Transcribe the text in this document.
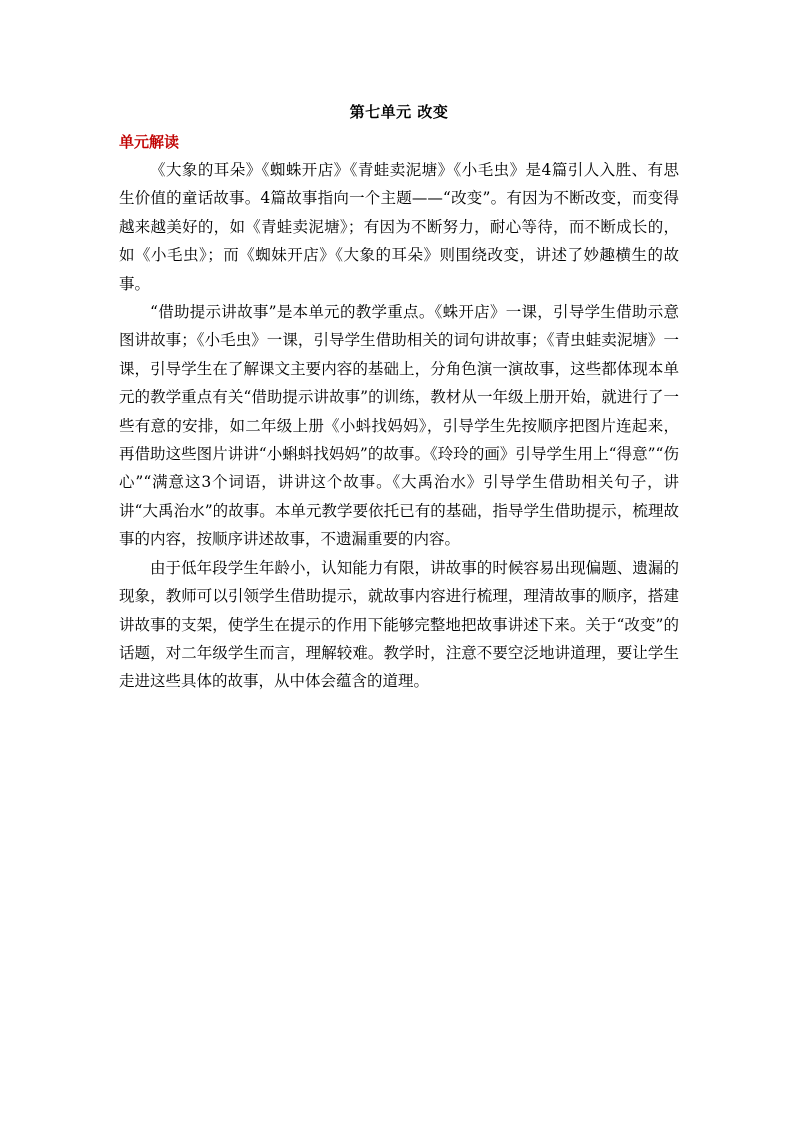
第七单元 改变
单元解读

《大象的耳朵》《蜘蛛开店》《青蛙卖泥塘》《小毛虫》是4篇引人入胜、有思生价值的童话故事。4篇故事指向一个主题——“改变”。有因为不断改变，而变得越来越美好的，如《青蛙卖泥塘》；有因为不断努力，耐心等待，而不断成长的，如《小毛虫》；而《蜘妹开店》《大象的耳朵》则围绕改变，讲述了妙趣横生的故事。

“借助提示讲故事”是本单元的教学重点。《蛛开店》一课，引导学生借助示意图讲故事；《小毛虫》一课，引导学生借助相关的词句讲故事；《青虫蛙卖泥塘》一课，引导学生在了解课文主要内容的基础上，分角色演一演故事，这些都体现本单元的教学重点有关“借助提示讲故事”的训练，教材从一年级上册开始，就进行了一些有意的安排，如二年级上册《小蚪找妈妈》，引导学生先按顺序把图片连起来，再借助这些图片讲讲“小蝌蚪找妈妈”的故事。《玲玲的画》引导学生用上“得意”“伤心”“满意这3个词语，讲讲这个故事。《大禹治水》引导学生借助相关句子，讲讲“大禹治水”的故事。本单元教学要依托已有的基础，指导学生借助提示，梳理故事的内容，按顺序讲述故事，不遗漏重要的内容。

由于低年段学生年龄小，认知能力有限，讲故事的时候容易出现偏题、遗漏的现象，教师可以引领学生借助提示，就故事内容进行梳理，理清故事的顺序，搭建讲故事的支架，使学生在提示的作用下能够完整地把故事讲述下来。关于“改变”的话题，对二年级学生而言，理解较难。教学时，注意不要空泛地讲道理，要让学生走进这些具体的故事，从中体会蕴含的道理。
